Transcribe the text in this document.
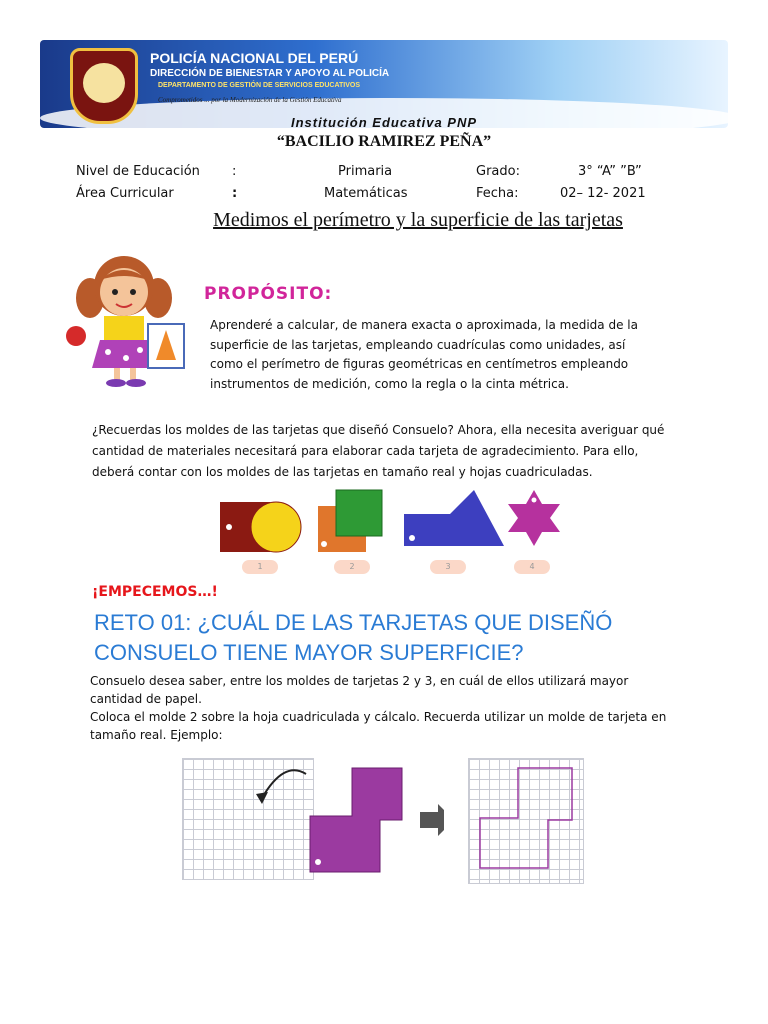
POLICÍA NACIONAL DEL PERÚ
DIRECCIÓN DE BIENESTAR Y APOYO AL POLICÍA
DEPARTAMENTO DE GESTIÓN DE SERVICIOS EDUCATIVOS
Comprometidos ... por la Modernización de la Gestión Educativa
Institución Educativa PNP
“BACILIO RAMIREZ PEÑA”
Nivel de Educación :	Primaria	Grado:	3° “A” ”B”
Área Curricular	:	Matemáticas	Fecha:	02– 12- 2021
Medimos el perímetro y la superficie de las tarjetas
PROPÓSITO:
Aprenderé a calcular, de manera exacta o aproximada, la medida de la
superficie de las tarjetas, empleando cuadrículas como unidades, así
como el perímetro de figuras geométricas en centímetros empleando
instrumentos de medición, como la regla o la cinta métrica.
¿Recuerdas los moldes de las tarjetas que diseñó Consuelo? Ahora, ella necesita averiguar qué
cantidad de materiales necesitará para elaborar cada tarjeta de agradecimiento. Para ello,
deberá contar con los moldes de las tarjetas en tamaño real y hojas cuadriculadas.
1	2	3	4
¡EMPECEMOS…!
RETO 01: ¿CUÁL DE LAS TARJETAS QUE DISEÑÓ
CONSUELO TIENE MAYOR SUPERFICIE?
Consuelo desea saber, entre los moldes de tarjetas 2 y 3, en cuál de ellos utilizará mayor
cantidad de papel.
Coloca el molde 2 sobre la hoja cuadriculada y cálcalo. Recuerda utilizar un molde de tarjeta en
tamaño real. Ejemplo:
